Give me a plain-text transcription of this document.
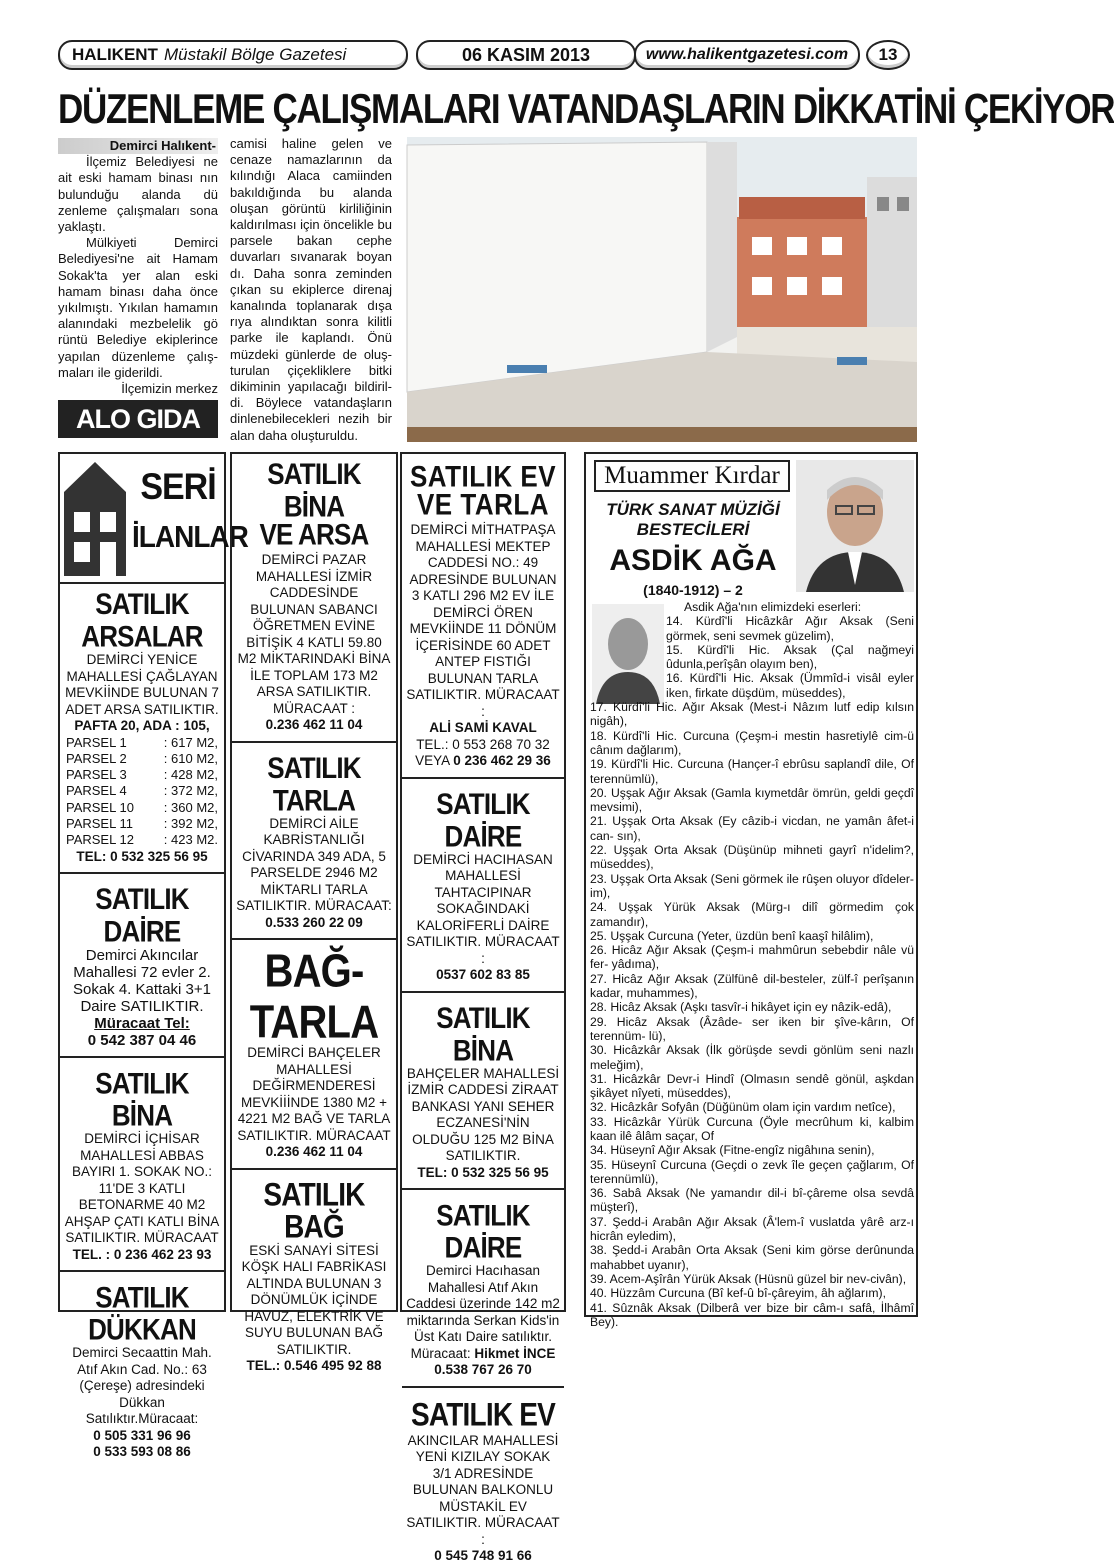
HALIKENT Müstakil Bölge Gazetesi	06 KASIM 2013	www.halikentgazetesi.com	13
DÜZENLEME ÇALIŞMALARI VATANDAŞLARIN DİKKATİNİ ÇEKİYOR
Demirci Halıkent-

İlçemiz Belediyesi ne ait eski hamam binası nın bulunduğu alanda dü zenleme çalışmaları sona yaklaştı.

Mülkiyeti Demirci Belediyesi'ne ait Hamam Sokak'ta yer alan eski hamam binası daha önce yıkılmıştı. Yıkılan hamamın alanındaki mezbelelik gö rüntü Belediye ekiplerince yapılan düzenleme çalış- maları ile giderildi.

İlçemizin merkez

ALO GIDA
camisi haline gelen ve cenaze namazlarının da kılındığı Alaca camiinden bakıldığında bu alanda oluşan görüntü kirliliğinin kaldırılması için öncelikle bu parsele bakan cephe duvarları sıvanarak boyan dı. Daha sonra zeminden çıkan su ekiplerce direnaj kanalında toplanarak dışa rıya alındıktan sonra kilitli parke ile kaplandı. Önü müzdeki günlerde de oluş- turulan çiçekliklere bitki dikiminin yapılacağı bildiril- di. Böylece vatandaşların dinlenebilecekleri nezih bir alan daha oluşturuldu.
SERİ
İLANLAR
SATILIK ARSALAR
DEMİRCİ YENİCE MAHALLESİ ÇAĞLAYAN MEVKİİNDE BULUNAN 7 ADET ARSA SATILIKTIR.
PAFTA 20, ADA : 105,
PARSEL 1	: 617 M2,
PARSEL 2	: 610 M2,
PARSEL 3	: 428 M2,
PARSEL 4	: 372 M2,
PARSEL 10 : 360 M2,
PARSEL 11 : 392 M2,
PARSEL 12 : 423 M2.
TEL: 0 532 325 56 95
SATILIK DAİRE
Demirci Akıncılar Mahallesi 72 evler 2. Sokak 4. Kattaki 3+1 Daire SATILIKTIR.
Müracaat Tel:
0 542 387 04 46
SATILIK BİNA
DEMİRCİ İÇHİSAR MAHALLESİ ABBAS BAYIRI 1. SOKAK NO.: 11'DE 3 KATLI BETONARME 40 M2 AHŞAP ÇATI KATLI BİNA SATILIKTIR. MÜRACAAT
TEL. : 0 236 462 23 93
SATILIK DÜKKAN
Demirci Secaattin Mah. Atıf Akın Cad. No.: 63 (Çereşe) adresindeki Dükkan Satılıktır.Müracaat:
0 505 331 96 96
0 533 593 08 86
SATILIK BİNA
VE ARSA
DEMİRCİ PAZAR MAHALLESİ İZMİR CADDESİNDE BULUNAN SABANCI ÖĞRETMEN EVİNE BİTİŞİK 4 KATLI 59.80 M2 MİKTARINDAKİ BİNA İLE TOPLAM 173 M2 ARSA SATILIKTIR. MÜRACAAT :
0.236 462 11 04
SATILIK TARLA
DEMİRCİ AİLE KABRİSTANLIĞI CİVARINDA 349 ADA, 5 PARSELDE 2946 M2 MİKTARLI TARLA SATILIKTIR. MÜRACAAT:
0.533 260 22 09
BAĞ-TARLA
DEMİRCİ BAHÇELER MAHALLESİ DEĞİRMENDERESİ MEVKİİİNDE 1380 M2 + 4221 M2 BAĞ VE TARLA SATILIKTIR. MÜRACAAT
0.236 462 11 04
SATILIK BAĞ
ESKİ SANAYİ SİTESİ KÖŞK HALI FABRİKASI ALTINDA BULUNAN 3 DÖNÜMLÜK İÇİNDE HAVUZ, ELEKTRİK VE SUYU BULUNAN BAĞ SATILIKTIR.
TEL.: 0.546 495 92 88
SATILIK EV
VE TARLA
DEMİRCİ MİTHATPAŞA MAHALLESİ MEKTEP CADDESİ NO.: 49 ADRESİNDE BULUNAN 3 KATLI 296 M2 EV İLE DEMİRCİ ÖREN MEVKİİNDE 11 DÖNÜM İÇERİSİNDE 60 ADET ANTEP FISTIĞI BULUNAN TARLA SATILIKTIR. MÜRACAAT :
ALİ SAMİ KAVAL
TEL.: 0 553 268 70 32
VEYA 0 236 462 29 36
SATILIK DAİRE
DEMİRCİ HACIHASAN MAHALLESİ TAHTACIPINAR SOKAĞINDAKİ KALORİFERLİ DAİRE SATILIKTIR. MÜRACAAT :
0537 602 83 85
SATILIK BİNA
BAHÇELER MAHALLESİ İZMİR CADDESİ ZİRAAT BANKASI YANI SEHER ECZANESİ'NİN OLDUĞU 125 M2 BİNA SATILIKTIR.
TEL: 0 532 325 56 95
SATILIK DAİRE
Demirci Hacıhasan Mahallesi Atıf Akın Caddesi üzerinde 142 m2 miktarında Serkan Kids'in Üst Katı Daire satılıktır.
Müracaat: Hikmet İNCE
0.538 767 26 70
SATILIK EV
AKINCILAR MAHALLESİ YENİ KIZILAY SOKAK 3/1 ADRESİNDE BULUNAN BALKONLU MÜSTAKİL EV SATILIKTIR. MÜRACAAT :
0 545 748 91 66
Muammer Kırdar
TÜRK SANAT MÜZİĞİ BESTECİLERİ
ASDİK AĞA
(1840-1912) – 2
Asdik Ağa'nın elimizdeki eserleri:
14. Kürdî'li Hicâzkâr Ağır Aksak (Seni görmek, seni sevmek güzelim),
15. Kürdî'li Hic. Aksak (Çal nağmeyi ûdunla,perîşân olayım ben),
16. Kürdî'li Hic. Aksak (Ümmîd-i visâl eyler iken, firkate düşdüm, müseddes),
17. Kürdî'li Hic. Ağır Aksak (Mest-i Nâzım lutf edip kılsın nigâh),
18. Kürdî'li Hic. Curcuna (Çeşm-i mestin hasretiylê cim-ü cânım dağlarım),
19. Kürdî'li Hic. Curcuna (Hançer-î ebrûsu saplandî dile, Of terennümlü),
20. Uşşak Ağır Aksak (Gamla kıymetdâr ömrün, geldi geçdî mevsimi),
21. Uşşak Orta Aksak (Ey câzib-i vicdan, ne yamân âfet-i can- sın),
22. Uşşak Orta Aksak (Düşünüp mihneti gayrî n'idelim?, müseddes),
23. Uşşak Orta Aksak (Seni görmek ile rûşen oluyor dîdeler- im),
24. Uşşak Yürük Aksak (Mürg-ı dilî görmedim çok zamandır),
25. Uşşak Curcuna (Yeter, üzdün benî kaaşî hilâlim),
26. Hicâz Ağır Aksak (Çeşm-i mahmûrun sebebdir nâle vü fer- yâdıma),
27. Hicâz Ağır Aksak (Zülfünê dil-besteler, zülf-î perîşanın kadar, muhammes),
28. Hicâz Aksak (Aşkı tasvîr-i hikâyet için ey nâzik-edâ),
29. Hicâz Aksak (Âzâde- ser iken bir şîve-kârın, Of terennüm- lü),
30. Hicâzkâr Aksak (İlk görüşde sevdi gönlüm seni nazlı meleğim),
31. Hicâzkâr Devr-i Hindî (Olmasın sendê gönül, aşkdan şikâyet nîyeti, müseddes),
32. Hicâzkâr Sofyân (Düğünüm olam için vardım netîce),
33. Hicâzkâr Yürük Curcuna (Öyle mecrûhum ki, kalbim kaan ilê âlâm saçar, Of
34. Hüseynî Ağır Aksak (Fitne-engîz nigâhına senin),
35. Hüseynî Curcuna (Geçdi o zevk île geçen çağlarım, Of terennümlü),
36. Sabâ Aksak (Ne yamandır dil-i bî-çâreme olsa sevdâ müşterî),
37. Şedd-i Arabân Ağır Aksak (Â'lem-î vuslatda yârê arz-ı hicrân eyledim),
38. Şedd-i Arabân Orta Aksak (Seni kim görse derûnunda mahabbet uyanır),
39. Acem-Aşîrân Yürük Aksak (Hüsnü güzel bir nev-civân),
40. Hüzzâm Curcuna (Bî kef-û bî-çâreyim, âh ağlarım),
41. Sûznâk Aksak (Dilberâ ver bize bir câm-ı safâ, İlhâmî Bey).
